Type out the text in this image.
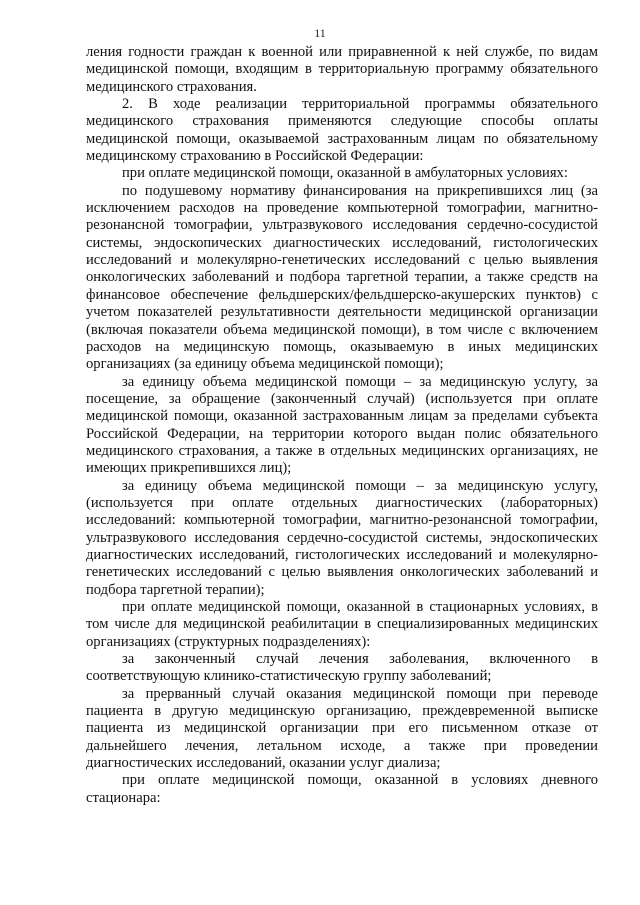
11

ления годности граждан к военной или приравненной к ней службе, по видам медицинской помощи, входящим в территориальную программу обязательного медицинского страхования.

2. В ходе реализации территориальной программы обязательного медицинского страхования применяются следующие способы оплаты медицинской помощи, оказываемой застрахованным лицам по обязательному медицинскому страхованию в Российской Федерации:

при оплате медицинской помощи, оказанной в амбулаторных условиях:

по подушевому нормативу финансирования на прикрепившихся лиц (за исключением расходов на проведение компьютерной томографии, магнитно-резонансной томографии, ультразвукового исследования сердечно-сосудистой системы, эндоскопических диагностических исследований, гистологических исследований и молекулярно-генетических исследований с целью выявления онкологических заболеваний и подбора таргетной терапии, а также средств на финансовое обеспечение фельдшерских/фельдшерско-акушерских пунктов) с учетом показателей результативности деятельности медицинской организации (включая показатели объема медицинской помощи), в том числе с включением расходов на медицинскую помощь, оказываемую в иных медицинских организациях (за единицу объема медицинской помощи);

за единицу объема медицинской помощи – за медицинскую услугу, за посещение, за обращение (законченный случай) (используется при оплате медицинской помощи, оказанной застрахованным лицам за пределами субъекта Российской Федерации, на территории которого выдан полис обязательного медицинского страхования, а также в отдельных медицинских организациях, не имеющих прикрепившихся лиц);

за единицу объема медицинской помощи – за медицинскую услугу, (используется при оплате отдельных диагностических (лабораторных) исследований: компьютерной томографии, магнитно-резонансной томографии, ультразвукового исследования сердечно-сосудистой системы, эндоскопических диагностических исследований, гистологических исследований и молекулярно-генетических исследований с целью выявления онкологических заболеваний и подбора таргетной терапии);

при оплате медицинской помощи, оказанной в стационарных условиях, в том числе для медицинской реабилитации в специализированных медицинских организациях (структурных подразделениях):

за законченный случай лечения заболевания, включенного в соответствующую клинико-статистическую группу заболеваний;

за прерванный случай оказания медицинской помощи при переводе пациента в другую медицинскую организацию, преждевременной выписке пациента из медицинской организации при его письменном отказе от дальнейшего лечения, летальном исходе, а также при проведении диагностических исследований, оказании услуг диализа;

при оплате медицинской помощи, оказанной в условиях дневного стационара:
